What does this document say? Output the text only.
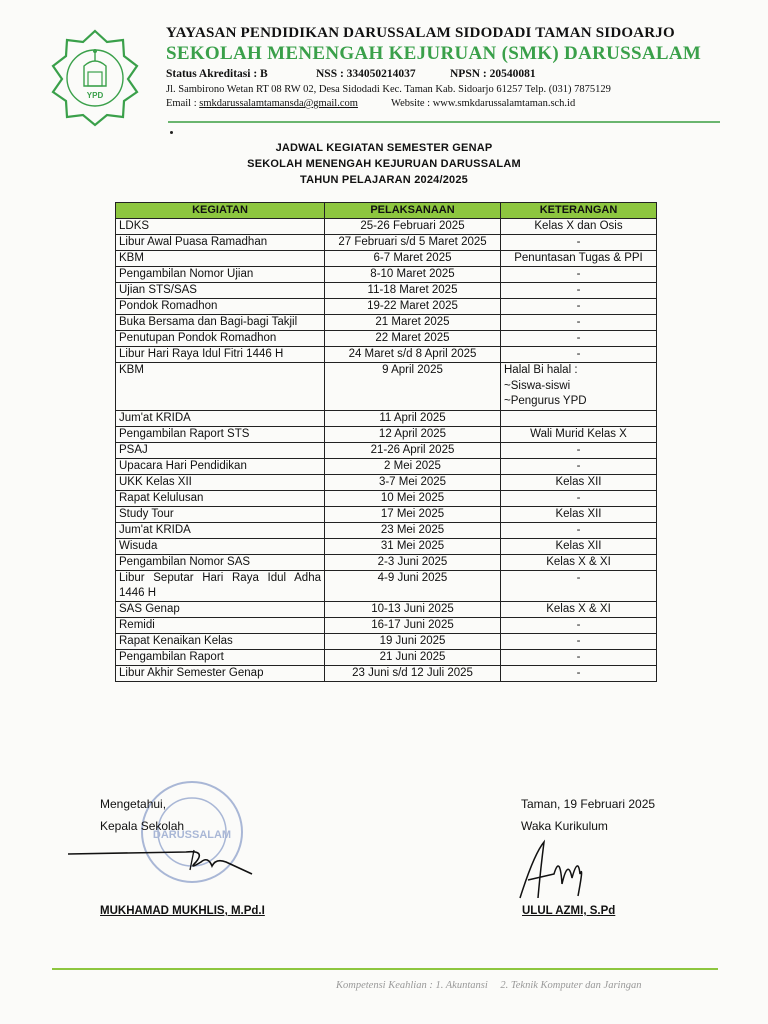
YPD
YAYASAN PENDIDIKAN DARUSSALAM SIDODADI TAMAN SIDOARJO
SEKOLAH MENENGAH KEJURUAN (SMK) DARUSSALAM
Status Akreditasi : B	NSS : 334050214037	NPSN : 20540081
Jl. Sambirono Wetan RT 08 RW 02, Desa Sidodadi Kec. Taman Kab. Sidoarjo 61257 Telp. (031) 7875129
Email : smkdarussalamtamansda@gmail.com	Website : www.smkdarussalamtaman.sch.id
JADWAL KEGIATAN SEMESTER GENAP
SEKOLAH MENENGAH KEJURUAN DARUSSALAM
TAHUN PELAJARAN 2024/2025
KEGIATAN	PELAKSANAAN	KETERANGAN
LDKS	25-26 Februari 2025	Kelas X dan Osis
Libur Awal Puasa Ramadhan	27 Februari s/d 5 Maret 2025	-
KBM	6-7 Maret 2025	Penuntasan Tugas & PPI
Pengambilan Nomor Ujian	8-10 Maret 2025	-
Ujian STS/SAS	11-18 Maret 2025	-
Pondok Romadhon	19-22 Maret 2025	-
Buka Bersama dan Bagi-bagi Takjil	21 Maret 2025	-
Penutupan Pondok Romadhon	22 Maret 2025	-
Libur Hari Raya Idul Fitri 1446 H	24 Maret s/d 8 April 2025	-
KBM	9 April 2025	Halal Bi halal :
~Siswa-siswi
~Pengurus YPD

Jum'at KRIDA	11 April 2025	
Pengambilan Raport STS	12 April 2025	Wali Murid Kelas X
PSAJ	21-26 April 2025	-
Upacara Hari Pendidikan	2 Mei 2025	-
UKK Kelas XII	3-7 Mei 2025	Kelas XII
Rapat Kelulusan	10 Mei 2025	-
Study Tour	17 Mei 2025	Kelas XII
Jum'at KRIDA	23 Mei 2025	-
Wisuda	31 Mei 2025	Kelas XII
Pengambilan Nomor SAS	2-3 Juni 2025	Kelas X & XI
Libur Seputar Hari Raya Idul Adha 1446 H	4-9 Juni 2025	-
SAS Genap	10-13 Juni 2025	Kelas X & XI
Remidi	16-17 Juni 2025	-
Rapat Kenaikan Kelas	19 Juni 2025	-
Pengambilan Raport	21 Juni 2025	-
Libur Akhir Semester Genap	23 Juni s/d 12 Juli 2025	-
DARUSSALAM
Mengetahui,
Kepala Sekolah
MUKHAMAD MUKHLIS, M.Pd.I
Taman, 19 Februari 2025
Waka Kurikulum
ULUL AZMI, S.Pd
Kompetensi Keahlian : 1. Akuntansi 2. Teknik Komputer dan Jaringan
